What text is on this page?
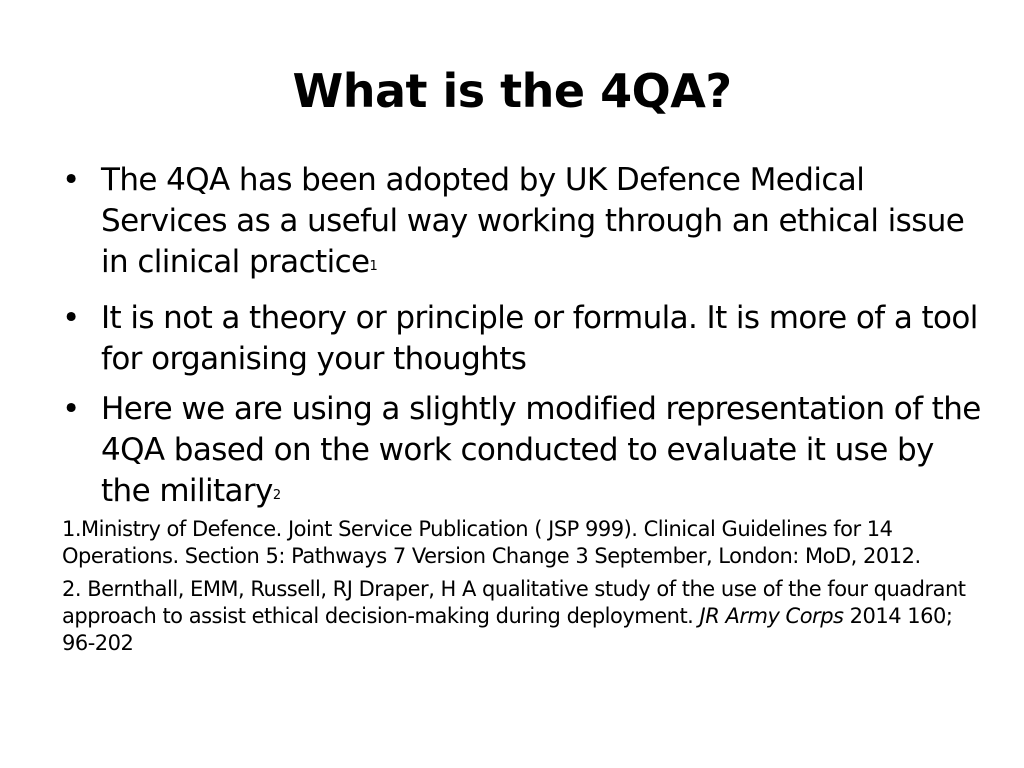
What is the 4QA?
• The 4QA has been adopted by UK Defence Medical Services as a useful way working through an ethical issue in clinical practice$^1$
• It is not a theory or principle or formula. It is more of a tool for organising your thoughts
• Here we are using a slightly modified representation of the 4QA based on the work conducted to evaluate it use by the military$^2$
1.Ministry of Defence. Joint Service Publication ( JSP 999). Clinical Guidelines for 14 Operations. Section 5: Pathways 7 Version Change 3 September, London: MoD, 2012.
2. Bernthall, EMM, Russell, RJ Draper, H A qualitative study of the use of the four quadrant approach to assist ethical decision-making during deployment. JR Army Corps 2014 160; 96-202
